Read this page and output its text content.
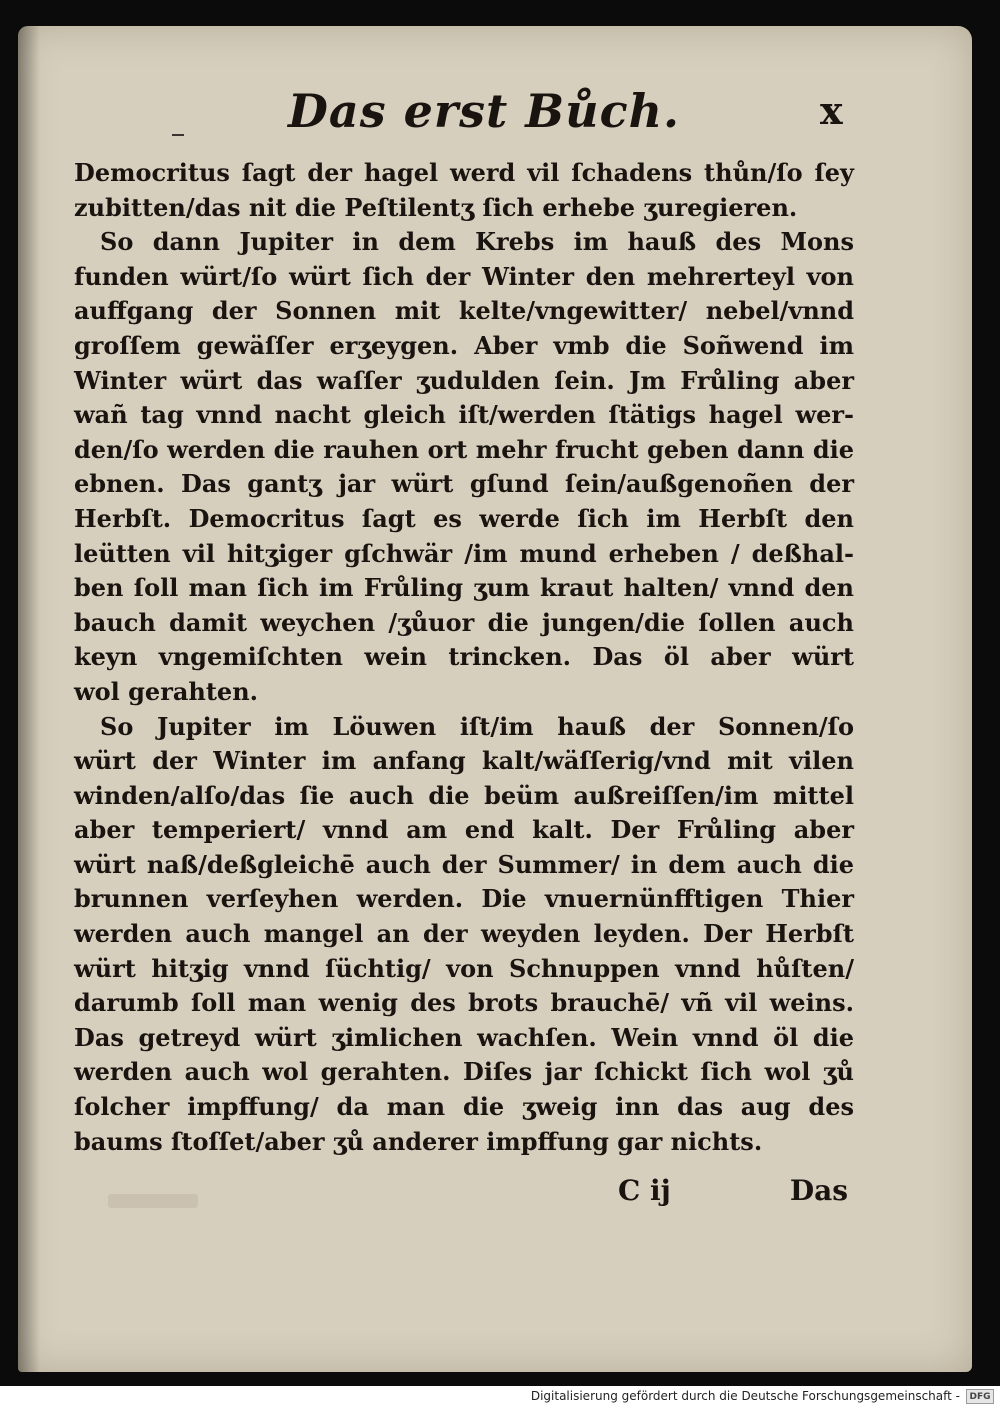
Das erst Bůch.	x
Democritus ſagt der hagel werd vil ſchadens thůn/ſo ſey
zubitten/das nit die Peſtilentʒ ſich erhebe ʒuregieren.
So dann Jupiter in dem Krebs im hauß des Mons
funden würt/ſo würt ſich der Winter den mehrerteyl von
auffgang der Sonnen mit kelte/vngewitter/ nebel/vnnd
groſſem gewäſſer erʒeygen. Aber vmb die Soñwend im
Winter würt das waſſer ʒudulden ſein. Jm Frůling aber
wañ tag vnnd nacht gleich iſt/werden ſtätigs hagel wer-
den/ſo werden die rauhen ort mehr frucht geben dann die
ebnen. Das gantʒ jar würt gſund ſein/außgenoñen der
Herbſt. Democritus ſagt es werde ſich im Herbſt den
leütten vil hitʒiger gſchwär /im mund erheben / deßhal-
ben ſoll man ſich im Frůling ʒum kraut halten/ vnnd den
bauch damit weychen /ʒůuor die jungen/die ſollen auch
keyn vngemiſchten wein trincken. Das öl aber würt
wol gerahten.
So Jupiter im Löuwen iſt/im hauß der Sonnen/ſo
würt der Winter im anfang kalt/wäſſerig/vnd mit vilen
winden/alſo/das ſie auch die beüm außreiſſen/im mittel
aber temperiert/ vnnd am end kalt. Der Frůling aber
würt naß/deßgleichē auch der Summer/ in dem auch die
brunnen verſeyhen werden. Die vnuernünfftigen Thier
werden auch mangel an der weyden leyden. Der Herbſt
würt hitʒig vnnd ſüchtig/ von Schnuppen vnnd hůſten/
darumb ſoll man wenig des brots brauchē/ vñ vil weins.
Das getreyd würt ʒimlichen wachſen. Wein vnnd öl die
werden auch wol gerahten. Diſes jar ſchickt ſich wol ʒů
ſolcher impffung/ da man die ʒweig inn das aug des
baums ſtoſſet/aber ʒů anderer impffung gar nichts.
C ij	Das
Digitalisierung gefördert durch die Deutsche Forschungsgemeinschaft -	DFG
